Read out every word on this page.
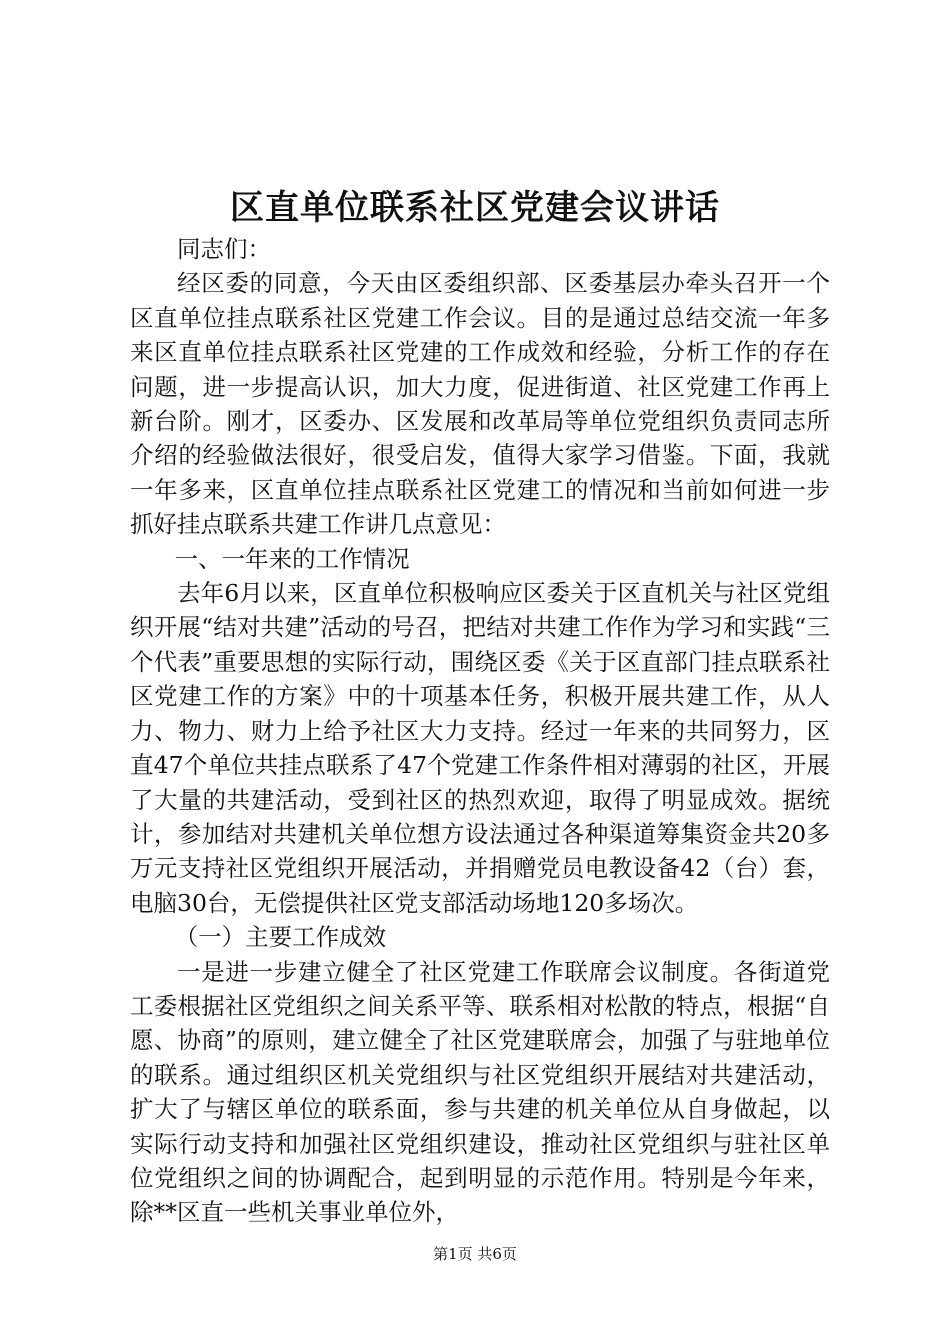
区直单位联系社区党建会议讲话

同志们：

经区委的同意，今天由区委组织部、区委基层办牵头召开一个区直单位挂点联系社区党建工作会议。目的是通过总结交流一年多来区直单位挂点联系社区党建的工作成效和经验，分析工作的存在问题，进一步提高认识，加大力度，促进街道、社区党建工作再上新台阶。刚才，区委办、区发展和改革局等单位党组织负责同志所介绍的经验做法很好，很受启发，值得大家学习借鉴。下面，我就一年多来，区直单位挂点联系社区党建工的情况和当前如何进一步抓好挂点联系共建工作讲几点意见：

一、一年来的工作情况

去年6月以来，区直单位积极响应区委关于区直机关与社区党组织开展“结对共建”活动的号召，把结对共建工作作为学习和实践“三个代表”重要思想的实际行动，围绕区委《关于区直部门挂点联系社区党建工作的方案》中的十项基本任务，积极开展共建工作，从人力、物力、财力上给予社区大力支持。经过一年来的共同努力，区直47个单位共挂点联系了47个党建工作条件相对薄弱的社区，开展了大量的共建活动，受到社区的热烈欢迎，取得了明显成效。据统计，参加结对共建机关单位想方设法通过各种渠道筹集资金共20多万元支持社区党组织开展活动，并捐赠党员电教设备42（台）套，电脑30台，无偿提供社区党支部活动场地120多场次。

（一）主要工作成效

一是进一步建立健全了社区党建工作联席会议制度。各街道党工委根据社区党组织之间关系平等、联系相对松散的特点，根据“自愿、协商”的原则，建立健全了社区党建联席会，加强了与驻地单位的联系。通过组织区机关党组织与社区党组织开展结对共建活动，扩大了与辖区单位的联系面，参与共建的机关单位从自身做起，以实际行动支持和加强社区党组织建设，推动社区党组织与驻社区单位党组织之间的协调配合，起到明显的示范作用。特别是今年来，除**区直一些机关事业单位外，

第1页 共6页
